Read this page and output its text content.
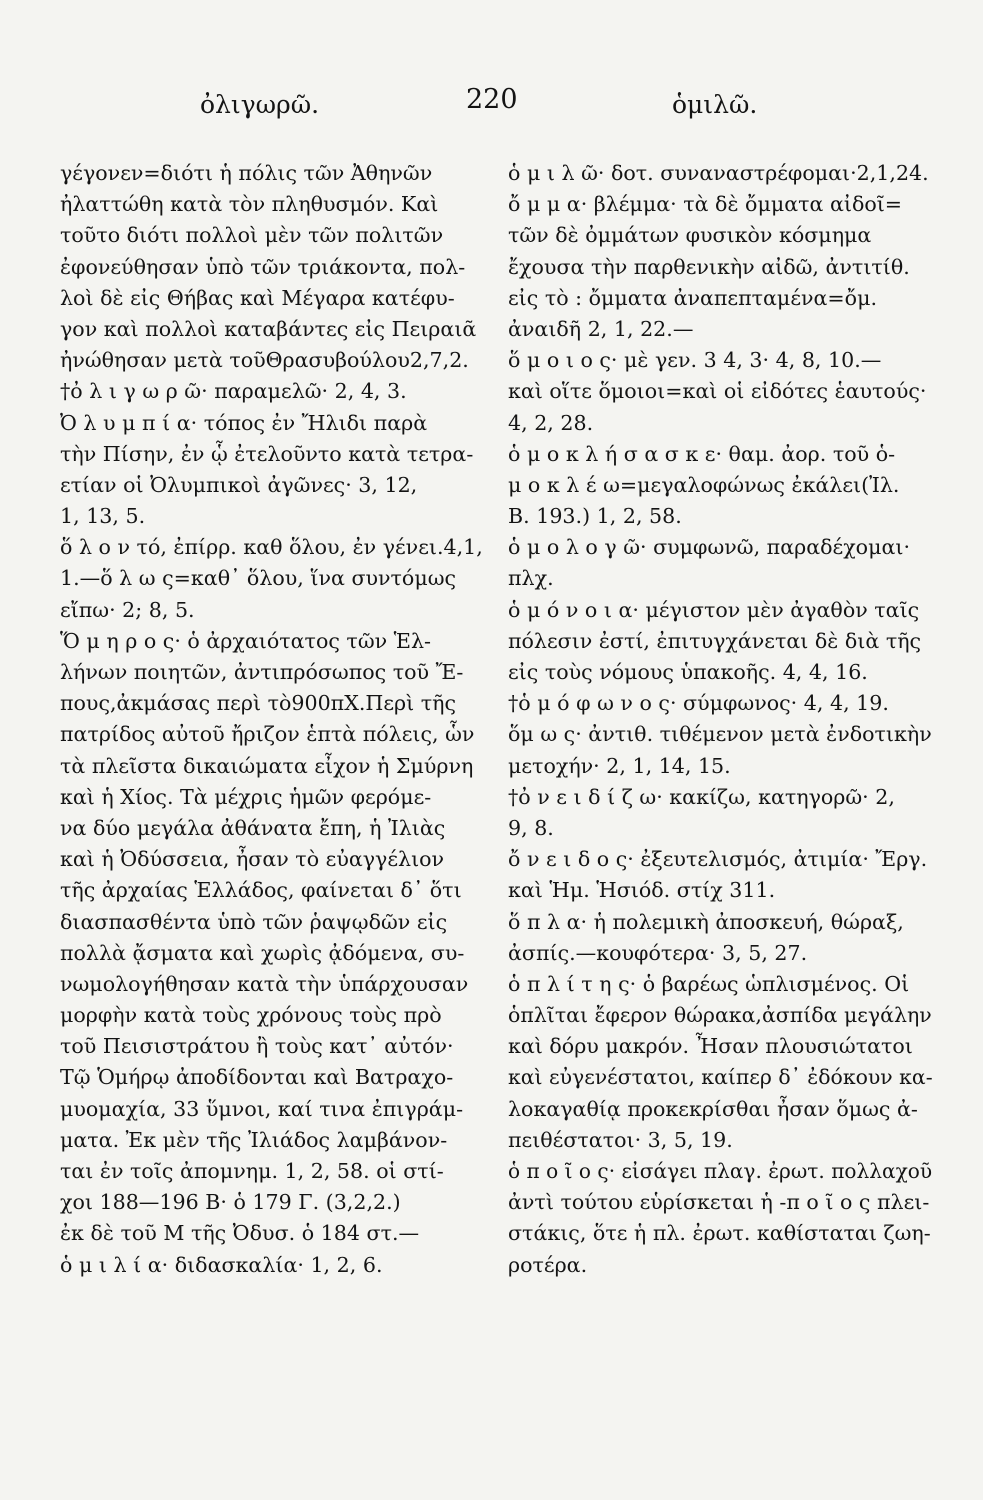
ὀλιγωρῶ.	220	ὁμιλῶ.
γέγονεν=διότι ἡ πόλις τῶν Ἀθηνῶν
ἠλαττώθη κατὰ τὸν πληθυσμόν. Καὶ
τοῦτο διότι πολλοὶ μὲν τῶν πολιτῶν
ἐφονεύθησαν ὑπὸ τῶν τριάκοντα, πολ-
λοὶ δὲ εἰς Θήβας καὶ Μέγαρα κατέφυ-
γον καὶ πολλοὶ καταβάντες εἰς Πειραιᾶ
ἠνώθησαν μετὰ τοῦΘρασυβούλου2,7,2.
†ὀ λ ι γ ω ρ ῶ· παραμελῶ· 2, 4, 3.
Ὀ λ υ μ π ί α· τόπος ἐν Ἤλιδι παρὰ
τὴν Πίσην, ἐν ᾧ ἐτελοῦντο κατὰ τετρα-
ετίαν οἱ Ὀλυμπικοὶ ἀγῶνες· 3, 12,
1, 13, 5.
ὅ λ ο ν τό, ἐπίρρ. καθ ὅλου, ἐν γένει.4,1,
1.—ὅ λ ω ς=καθ᾽ ὅλου, ἵνα συντόμως
εἴπω· 2; 8, 5.
Ὅ μ η ρ ο ς· ὁ ἀρχαιότατος τῶν Ἑλ-
λήνων ποιητῶν, ἀντιπρόσωπος τοῦ Ἔ-
πους,ἀκμάσας περὶ τὸ900πΧ.Περὶ τῆς
πατρίδος αὐτοῦ ἤριζον ἑπτὰ πόλεις, ὧν
τὰ πλεῖστα δικαιώματα εἶχον ἡ Σμύρνη
καὶ ἡ Χίος. Τὰ μέχρις ἡμῶν φερόμε-
να δύο μεγάλα ἀθάνατα ἔπη, ἡ Ἰλιὰς
καὶ ἡ Ὀδύσσεια, ἦσαν τὸ εὐαγγέλιον
τῆς ἀρχαίας Ἑλλάδος, φαίνεται δ᾽ ὅτι
διασπασθέντα ὑπὸ τῶν ῥαψῳδῶν εἰς
πολλὰ ᾄσματα καὶ χωρὶς ᾀδόμενα, συ-
νωμολογήθησαν κατὰ τὴν ὑπάρχουσαν
μορφὴν κατὰ τοὺς χρόνους τοὺς πρὸ
τοῦ Πεισιστράτου ἢ τοὺς κατ᾽ αὐτόν·
Τῷ Ὁμήρῳ ἀποδίδονται καὶ Βατραχο-
μυομαχία, 33 ὕμνοι, καί τινα ἐπιγράμ-
ματα. Ἐκ μὲν τῆς Ἰλιάδος λαμβάνον-
ται ἐν τοῖς ἀπομνημ. 1, 2, 58. οἱ στί-
χοι 188—196 Β· ὁ 179 Γ. (3,2,2.)
ἐκ δὲ τοῦ Μ τῆς Ὀδυσ. ὁ 184 στ.—
ὁ μ ι λ ί α· διδασκαλία· 1, 2, 6.
ὁ μ ι λ ῶ· δοτ. συναναστρέφομαι·2,1,24.
ὄ μ μ α· βλέμμα· τὰ δὲ ὄμματα αἰδοῖ=
τῶν δὲ ὀμμάτων φυσικὸν κόσμημα
ἔχουσα τὴν παρθενικὴν αἰδῶ, ἀντιτίθ.
εἰς τὸ : ὄμματα ἀναπεπταμένα=ὄμ.
ἀναιδῆ 2, 1, 22.—
ὅ μ ο ι ο ς· μὲ γεν. 3 4, 3· 4, 8, 10.—
καὶ οἵτε ὅμοιοι=καὶ οἱ εἰδότες ἑαυτούς·
4, 2, 28.
ὁ μ ο κ λ ή σ α σ κ ε· θαμ. ἀορ. τοῦ ὁ-
μ ο κ λ έ ω=μεγαλοφώνως ἐκάλει(Ἰλ.
Β. 193.) 1, 2, 58.
ὁ μ ο λ ο γ ῶ· συμφωνῶ, παραδέχομαι·
πλχ.
ὁ μ ό ν ο ι α· μέγιστον μὲν ἀγαθὸν ταῖς
πόλεσιν ἐστί, ἐπιτυγχάνεται δὲ διὰ τῆς
εἰς τοὺς νόμους ὑπακοῆς. 4, 4, 16.
†ὁ μ ό φ ω ν ο ς· σύμφωνος· 4, 4, 19.
ὅμ ω ς· ἀντιθ. τιθέμενον μετὰ ἐνδοτικὴν
μετοχήν· 2, 1, 14, 15.
†ὀ ν ε ι δ ί ζ ω· κακίζω, κατηγορῶ· 2,
9, 8.
ὄ ν ε ι δ ο ς· ἐξευτελισμός, ἀτιμία· Ἔργ.
καὶ Ἡμ. Ἡσιόδ. στίχ 311.
ὅ π λ α· ἡ πολεμικὴ ἀποσκευή, θώραξ,
ἀσπίς.—κουφότερα· 3, 5, 27.
ὁ π λ ί τ η ς· ὁ βαρέως ὡπλισμένος. Οἱ
ὁπλῖται ἔφερον θώρακα,ἀσπίδα μεγάλην
καὶ δόρυ μακρόν. Ἦσαν πλουσιώτατοι
καὶ εὐγενέστατοι, καίπερ δ᾽ ἐδόκουν κα-
λοκαγαθίᾳ προκεκρίσθαι ἦσαν ὅμως ἀ-
πειθέστατοι· 3, 5, 19.
ὁ π ο ῖ ο ς· εἰσάγει πλαγ. ἐρωτ. πολλαχοῦ
ἀντὶ τούτου εὑρίσκεται ἡ -π ο ῖ ο ς πλει-
στάκις, ὅτε ἡ πλ. ἐρωτ. καθίσταται ζωη-
ροτέρα.
